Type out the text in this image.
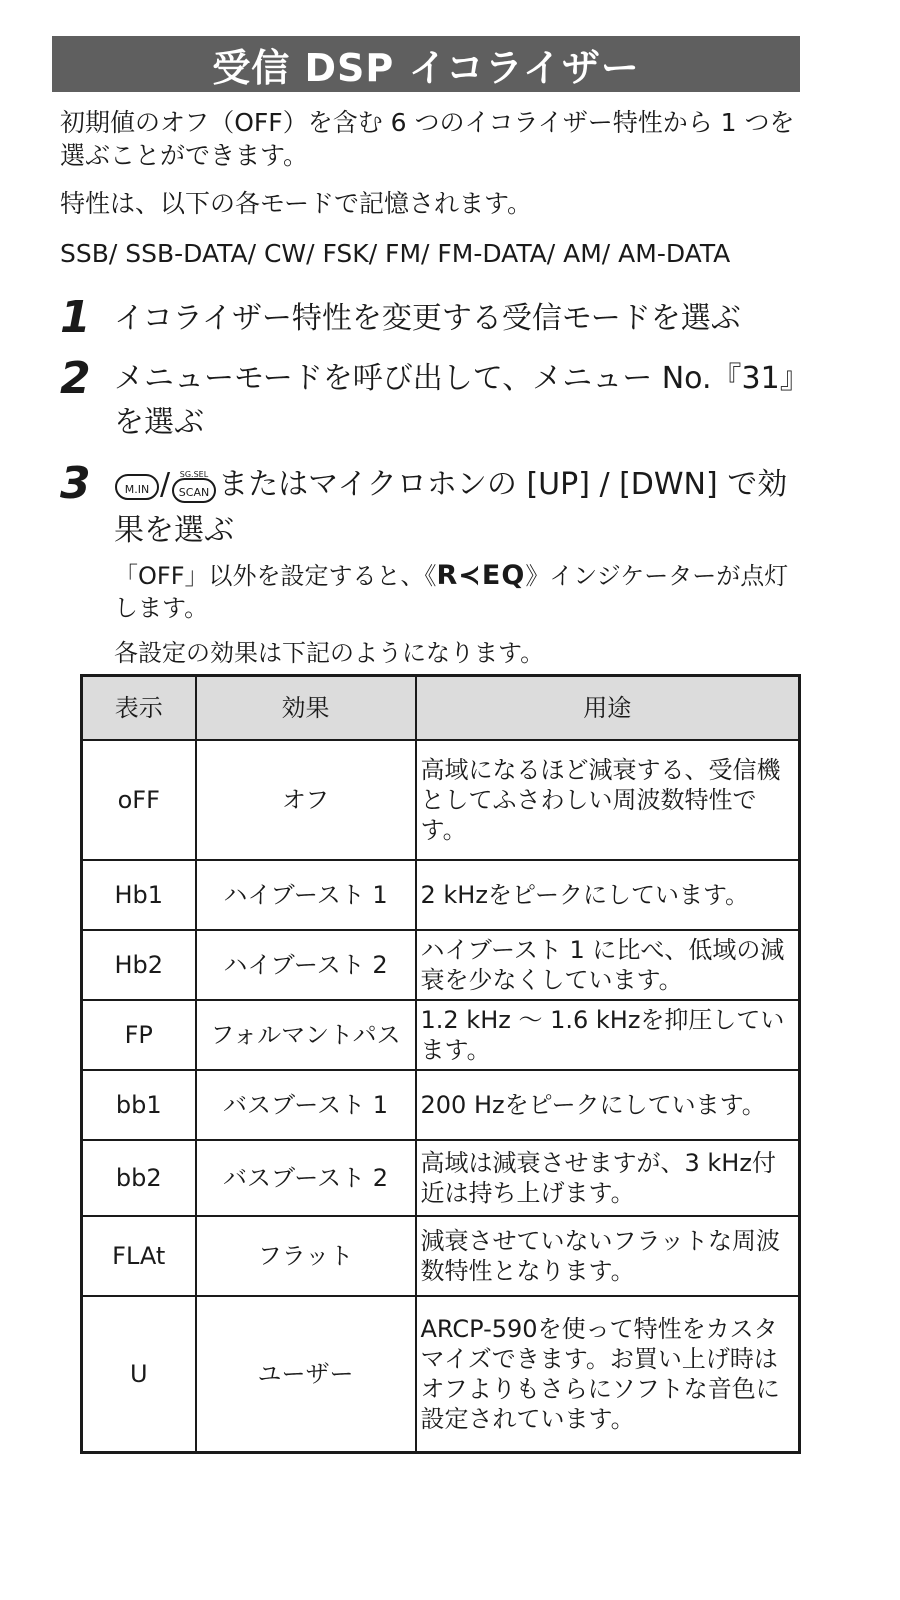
受信 DSP イコライザー

初期値のオフ（OFF）を含む 6 つのイコライザー特性から 1 つを選ぶことができます。

特性は、以下の各モードで記憶されます。

SSB/ SSB-DATA/ CW/ FSK/ FM/ FM-DATA/ AM/ AM-DATA

1 イコライザー特性を変更する受信モードを選ぶ
2 メニューモードを呼び出して、メニュー No.『31』を選ぶ
3	M.IN / SG.SEL
SCAN またはマイクロホンの [UP] / [DWN] で効果を選ぶ

「OFF」以外を設定すると、《R≺EQ》インジケーターが点灯します。

各設定の効果は下記のようになります。

表示	効果	用途
oFF	オフ	高域になるほど減衰する、受信機としてふさわしい周波数特性です。
Hb1	ハイブースト 1	2 kHzをピークにしています。
Hb2	ハイブースト 2	ハイブースト 1 に比べ、低域の減衰を少なくしています。
FP	フォルマントパス	1.2 kHz ～ 1.6 kHzを抑圧しています。
bb1	バスブースト 1	200 Hzをピークにしています。
bb2	バスブースト 2	高域は減衰させますが、3 kHz付近は持ち上げます。
FLAt	フラット	減衰させていないフラットな周波数特性となります。
U	ユーザー	ARCP-590を使って特性をカスタマイズできます。お買い上げ時はオフよりもさらにソフトな音色に設定されています。
